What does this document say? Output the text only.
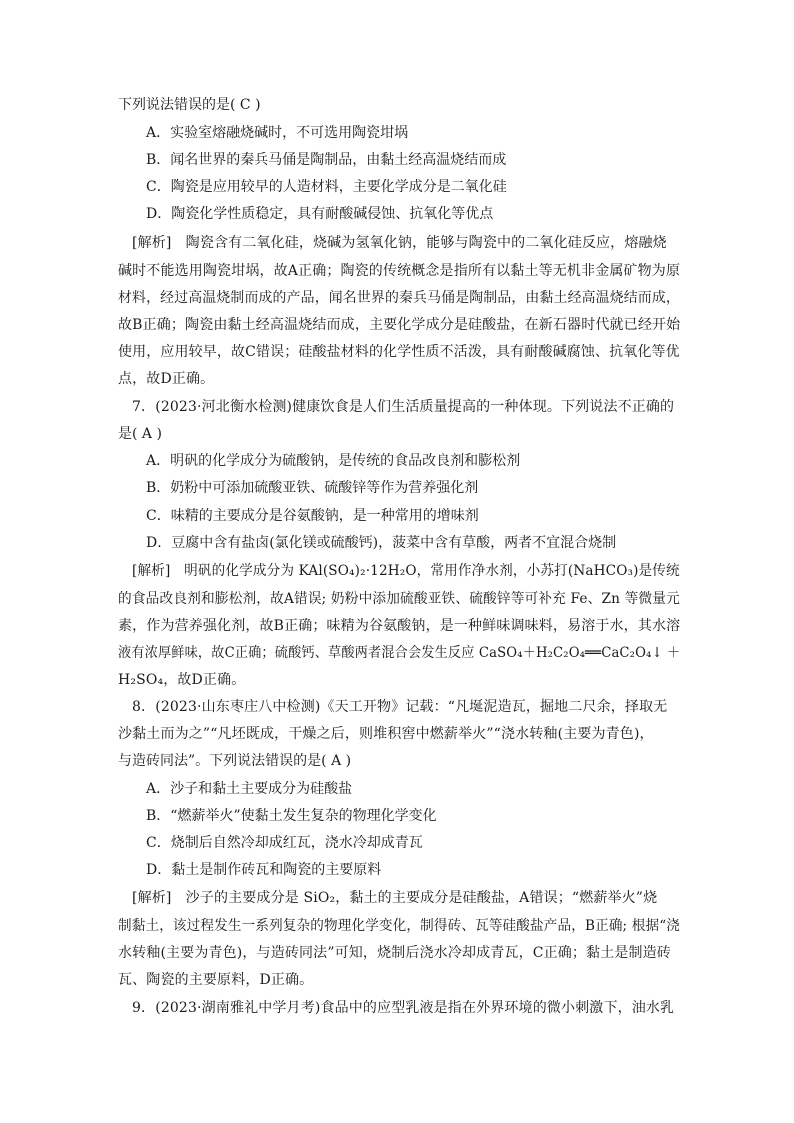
下列说法错误的是( C )
A．实验室熔融烧碱时，不可选用陶瓷坩埚
B．闻名世界的秦兵马俑是陶制品，由黏土经高温烧结而成
C．陶瓷是应用较早的人造材料，主要化学成分是二氧化硅
D．陶瓷化学性质稳定，具有耐酸碱侵蚀、抗氧化等优点
[解析]　陶瓷含有二氧化硅，烧碱为氢氧化钠，能够与陶瓷中的二氧化硅反应，熔融烧
碱时不能选用陶瓷坩埚，故A正确；陶瓷的传统概念是指所有以黏土等无机非金属矿物为原
材料，经过高温烧制而成的产品，闻名世界的秦兵马俑是陶制品，由黏土经高温烧结而成，
故B正确；陶瓷由黏土经高温烧结而成，主要化学成分是硅酸盐，在新石器时代就已经开始
使用，应用较早，故C错误；硅酸盐材料的化学性质不活泼，具有耐酸碱腐蚀、抗氧化等优
点，故D正确。
7．(2023·河北衡水检测)健康饮食是人们生活质量提高的一种体现。下列说法不正确的
是( A )
A．明矾的化学成分为硫酸钠，是传统的食品改良剂和膨松剂
B．奶粉中可添加硫酸亚铁、硫酸锌等作为营养强化剂
C．味精的主要成分是谷氨酸钠，是一种常用的增味剂
D．豆腐中含有盐卤(氯化镁或硫酸钙)，菠菜中含有草酸，两者不宜混合烧制
[解析]　明矾的化学成分为 KAl(SO₄)₂·12H₂O，常用作净水剂，小苏打(NaHCO₃)是传统
的食品改良剂和膨松剂，故A错误; 奶粉中添加硫酸亚铁、硫酸锌等可补充 Fe、Zn 等微量元
素，作为营养强化剂，故B正确；味精为谷氨酸钠，是一种鲜味调味料，易溶于水，其水溶
液有浓厚鲜味，故C正确；硫酸钙、草酸两者混合会发生反应 CaSO₄＋H₂C₂O₄══CaC₂O₄↓ ＋
H₂SO₄，故D正确。
8．(2023·山东枣庄八中检测)《天工开物》记载：“凡埏泥造瓦，掘地二尺余，择取无
沙黏土而为之”“凡坯既成，干燥之后，则堆积窖中燃薪举火”“浇水转釉(主要为青色)，
与造砖同法”。下列说法错误的是( A )
A．沙子和黏土主要成分为硅酸盐
B．“燃薪举火”使黏土发生复杂的物理化学变化
C．烧制后自然冷却成红瓦，浇水冷却成青瓦
D．黏土是制作砖瓦和陶瓷的主要原料
[解析]　沙子的主要成分是 SiO₂，黏土的主要成分是硅酸盐，A错误；“燃薪举火”烧
制黏土，该过程发生一系列复杂的物理化学变化，制得砖、瓦等硅酸盐产品，B正确; 根据“浇
水转釉(主要为青色)，与造砖同法”可知，烧制后浇水冷却成青瓦，C正确；黏土是制造砖
瓦、陶瓷的主要原料，D正确。
9．(2023·湖南雅礼中学月考)食品中的应型乳液是指在外界环境的微小刺激下，油水乳
